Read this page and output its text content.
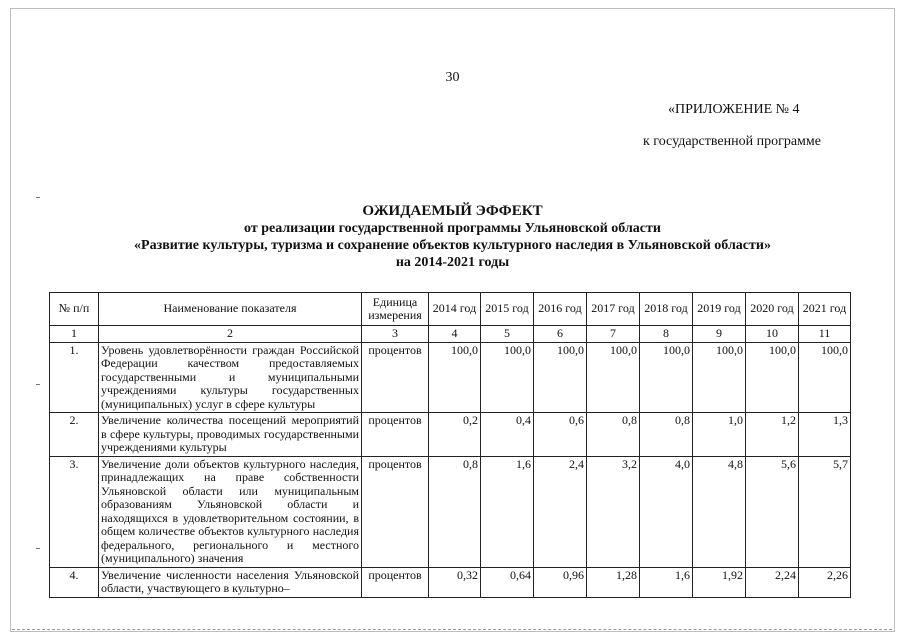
30
«ПРИЛОЖЕНИЕ № 4
к государственной программе
ОЖИДАЕМЫЙ ЭФФЕКТ
от реализации государственной программы Ульяновской области
«Развитие культуры, туризма и сохранение объектов культурного наследия в Ульяновской области»
на 2014-2021 годы
№ п/п	Наименование показателя	Единица измерения	2014 год	2015 год	2016 год	2017 год	2018 год	2019 год	2020 год	2021 год
1	2	3	4	5	6	7	8	9	10	11
1.	Уровень удовлетворённости граждан Российской Федерации качеством предоставляемых государственными и муниципальными учреждениями культуры государственных (муниципальных) услуг в сфере культуры	процентов	100,0	100,0	100,0	100,0	100,0	100,0	100,0	100,0
2.	Увеличение количества посещений мероприятий в сфере культуры, проводимых государственными учреждениями культуры	процентов	0,2	0,4	0,6	0,8	0,8	1,0	1,2	1,3
3.	Увеличение доли объектов культурного наследия, принадлежащих на праве собственности Ульяновской области или муниципальным образованиям Ульяновской области и находящихся в удовлетворительном состоянии, в общем количестве объектов культурного наследия федерального, регионального и местного (муниципального) значения	процентов	0,8	1,6	2,4	3,2	4,0	4,8	5,6	5,7
4.	Увеличение численности населения Ульяновской области, участвующего в культурно–	процентов	0,32	0,64	0,96	1,28	1,6	1,92	2,24	2,26
